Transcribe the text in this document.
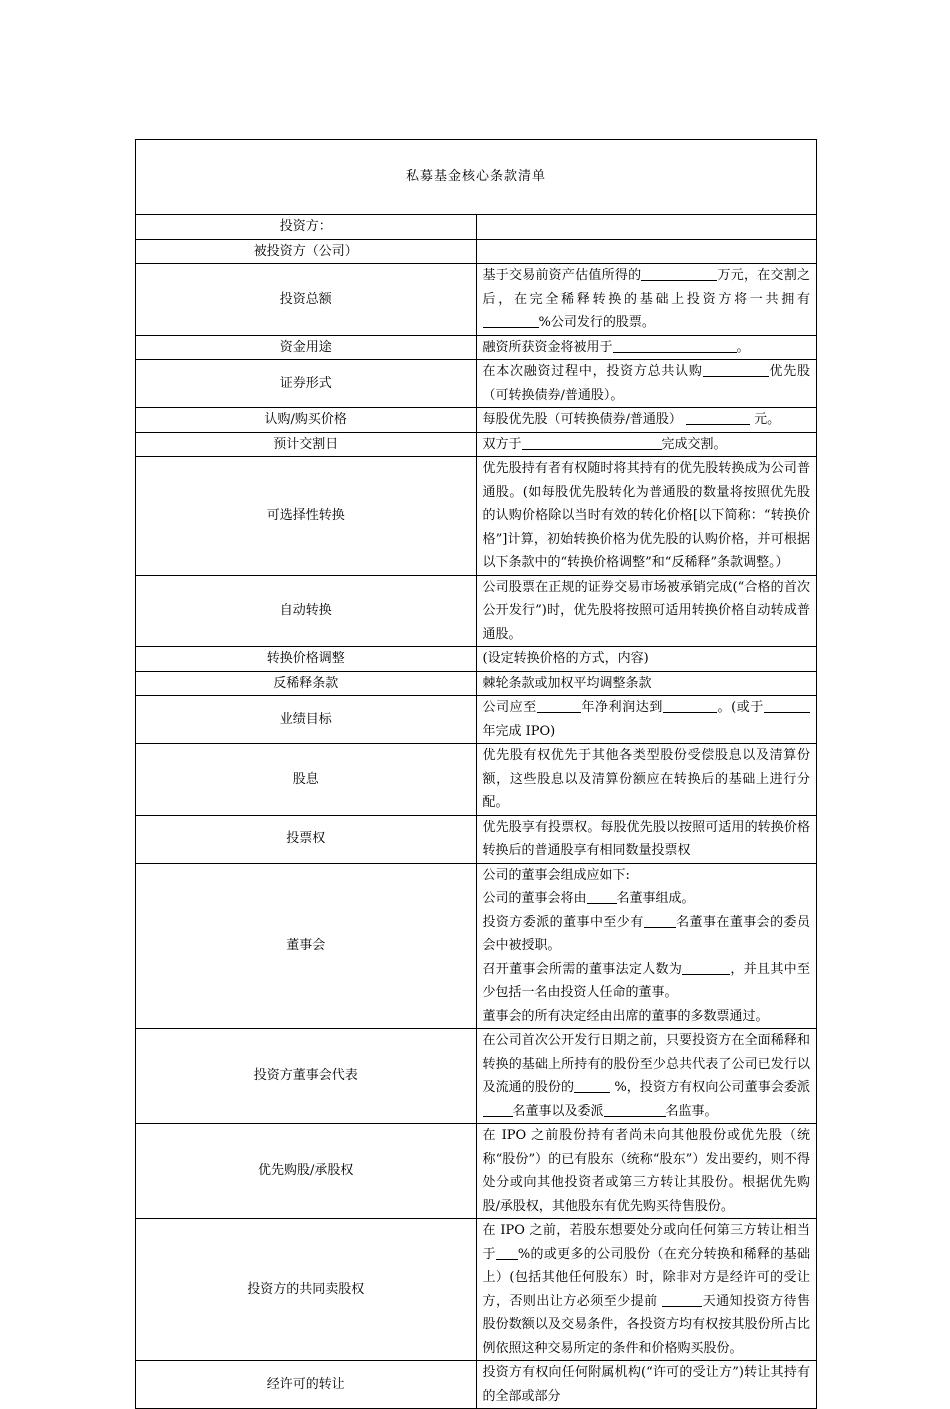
私募基金核心条款清单	
投资方：	

被投资方（公司）	

投资总额	基于交易前资产估值所得的 万元，在交割之后，在完全稀释转换的基础上投资方将一共拥有%公司发行的股票。

资金用途	融资所获资金将被用于 。

证券形式	在本次融资过程中，投资方总共认购 优先股（可转换债券/普通股）。

认购/购买价格	每股优先股（可转换债券/普通股） 元。

预计交割日	双方于 完成交割。

可选择性转换	优先股持有者有权随时将其持有的优先股转换成为公司普通股。(如每股优先股转化为普通股的数量将按照优先股的认购价格除以当时有效的转化价格[以下简称：“转换价格”]计算，初始转换价格为优先股的认购价格，并可根据以下条款中的“转换价格调整”和“反稀释”条款调整。）

自动转换	公司股票在正规的证券交易市场被承销完成(“合格的首次公开发行”)时，优先股将按照可适用转换价格自动转成普通股。

转换价格调整	(设定转换价格的方式，内容)

反稀释条款	棘轮条款或加权平均调整条款

业绩目标	公司应至 年净利润达到 。(或于年完成 IPO)

股息	优先股有权优先于其他各类型股份受偿股息以及清算份额，这些股息以及清算份额应在转换后的基础上进行分配。

投票权	优先股享有投票权。每股优先股以按照可适用的转换价格转换后的普通股享有相同数量投票权

董事会	公司的董事会组成应如下:
公司的董事会将由 名董事组成。
投资方委派的董事中至少有 名董事在董事会的委员会中被授职。
召开董事会所需的董事法定人数为 ，并且其中至少包括一名由投资人任命的董事。
董事会的所有决定经由出席的董事的多数票通过。

投资方董事会代表	在公司首次公开发行日期之前，只要投资方在全面稀释和转换的基础上所持有的股份至少总共代表了公司已发行以及流通的股份的 %，投资方有权向公司董事会委派名董事以及委派 名监事。

优先购股/承股权	在 IPO 之前股份持有者尚未向其他股份或优先股（统称“股份”）的已有股东（统称“股东”）发出要约，则不得处分或向其他投资者或第三方转让其股份。根据优先购股/承股权，其他股东有优先购买待售股份。

投资方的共同卖股权	在 IPO 之前，若股东想要处分或向任何第三方转让相当于 %的或更多的公司股份（在充分转换和稀释的基础上）(包括其他任何股东）时，除非对方是经许可的受让方，否则出让方必须至少提前 天通知投资方待售股份数额以及交易条件，各投资方均有权按其股份所占比例依照这种交易所定的条件和价格购买股份。

经许可的转让	投资方有权向任何附属机构(“许可的受让方”)转让其持有的全部或部分
